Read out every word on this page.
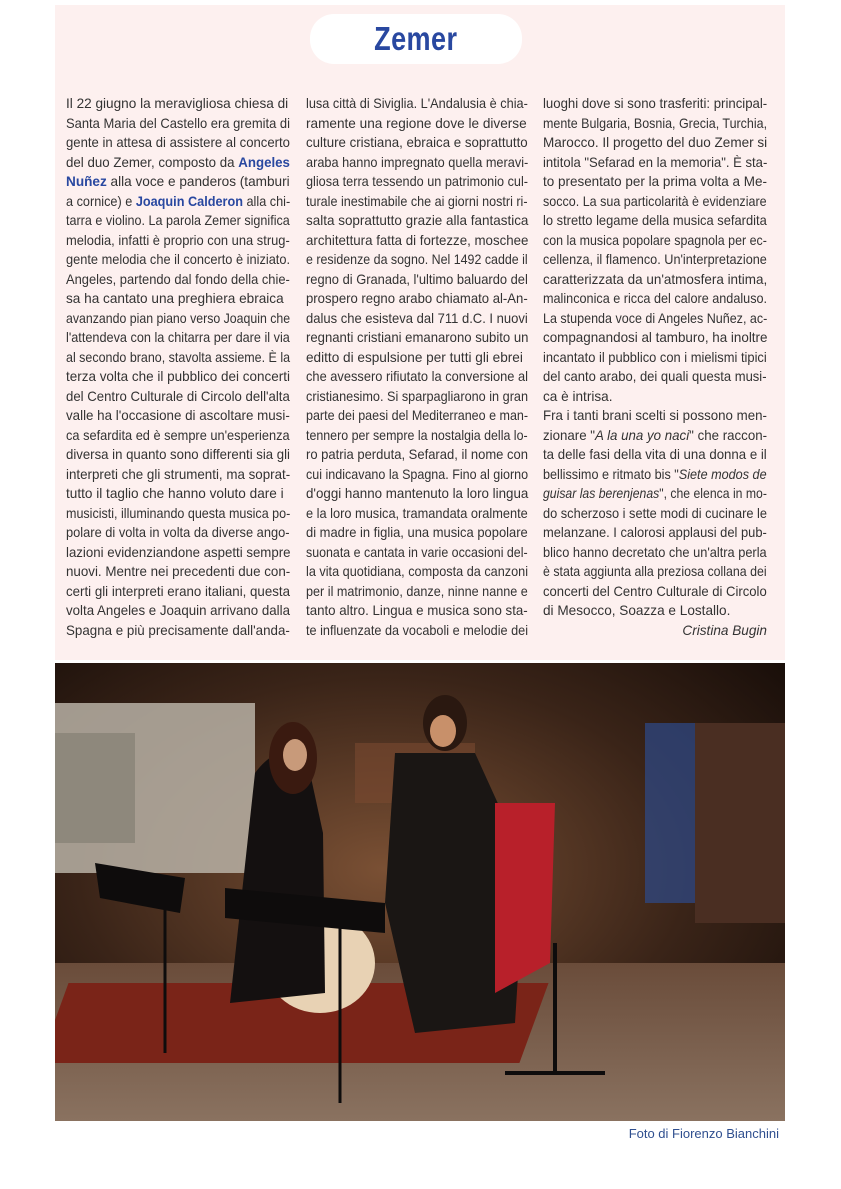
Zemer
Il 22 giugno la meravigliosa chiesa di
Santa Maria del Castello era gremita di
gente in attesa di assistere al concerto
del duo Zemer, composto da Angeles
Nuñez alla voce e panderos (tamburi
a cornice) e Joaquin Calderon alla chi-
tarra e violino. La parola Zemer significa
melodia, infatti è proprio con una strug-
gente melodia che il concerto è iniziato.
Angeles, partendo dal fondo della chie-
sa ha cantato una preghiera ebraica
avanzando pian piano verso Joaquin che
l'attendeva con la chitarra per dare il via
al secondo brano, stavolta assieme. È la
terza volta che il pubblico dei concerti
del Centro Culturale di Circolo dell'alta
valle ha l'occasione di ascoltare musi-
ca sefardita ed è sempre un'esperienza
diversa in quanto sono differenti sia gli
interpreti che gli strumenti, ma soprat-
tutto il taglio che hanno voluto dare i
musicisti, illuminando questa musica po-
polare di volta in volta da diverse ango-
lazioni evidenziandone aspetti sempre
nuovi. Mentre nei precedenti due con-
certi gli interpreti erano italiani, questa
volta Angeles e Joaquin arrivano dalla
Spagna e più precisamente dall'anda-
lusa città di Siviglia. L'Andalusia è chia-
ramente una regione dove le diverse
culture cristiana, ebraica e soprattutto
araba hanno impregnato quella meravi-
gliosa terra tessendo un patrimonio cul-
turale inestimabile che ai giorni nostri ri-
salta soprattutto grazie alla fantastica
architettura fatta di fortezze, moschee
e residenze da sogno. Nel 1492 cadde il
regno di Granada, l'ultimo baluardo del
prospero regno arabo chiamato al-An-
dalus che esisteva dal 711 d.C. I nuovi
regnanti cristiani emanarono subito un
editto di espulsione per tutti gli ebrei
che avessero rifiutato la conversione al
cristianesimo. Si sparpagliarono in gran
parte dei paesi del Mediterraneo e man-
tennero per sempre la nostalgia della lo-
ro patria perduta, Sefarad, il nome con
cui indicavano la Spagna. Fino al giorno
d'oggi hanno mantenuto la loro lingua
e la loro musica, tramandata oralmente
di madre in figlia, una musica popolare
suonata e cantata in varie occasioni del-
la vita quotidiana, composta da canzoni
per il matrimonio, danze, ninne nanne e
tanto altro. Lingua e musica sono sta-
te influenzate da vocaboli e melodie dei
luoghi dove si sono trasferiti: principal-
mente Bulgaria, Bosnia, Grecia, Turchia,
Marocco. Il progetto del duo Zemer si
intitola "Sefarad en la memoria". È sta-
to presentato per la prima volta a Me-
socco. La sua particolarità è evidenziare
lo stretto legame della musica sefardita
con la musica popolare spagnola per ec-
cellenza, il flamenco. Un'interpretazione
caratterizzata da un'atmosfera intima,
malinconica e ricca del calore andaluso.
La stupenda voce di Angeles Nuñez, ac-
compagnandosi al tamburo, ha inoltre
incantato il pubblico con i mielismi tipici
del canto arabo, dei quali questa musi-
ca è intrisa.
Fra i tanti brani scelti si possono men-
zionare "A la una yo naci" che raccon-
ta delle fasi della vita di una donna e il
bellissimo e ritmato bis "Siete modos de
guisar las berenjenas", che elenca in mo-
do scherzoso i sette modi di cucinare le
melanzane. I calorosi applausi del pub-
blico hanno decretato che un'altra perla
è stata aggiunta alla preziosa collana dei
concerti del Centro Culturale di Circolo
di Mesocco, Soazza e Lostallo.
Cristina Bugin
Foto di Fiorenzo Bianchini
